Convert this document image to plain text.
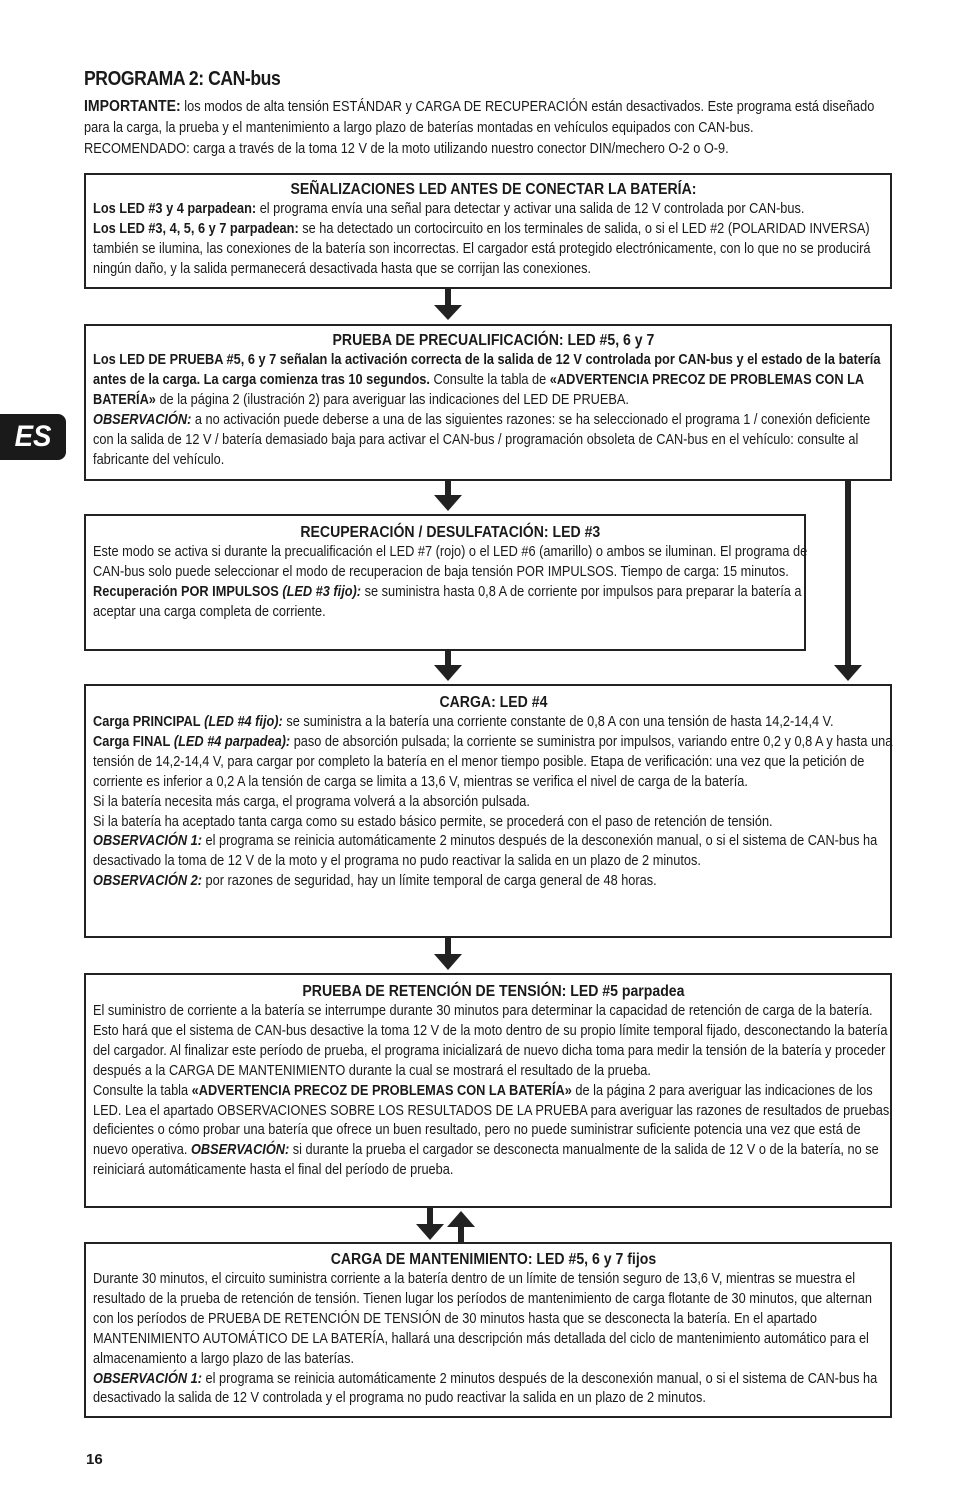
PROGRAMA 2: CAN-bus

IMPORTANTE: los modos de alta tensión ESTÁNDAR y CARGA DE RECUPERACIÓN están desactivados. Este programa está diseñado para la carga, la prueba y el mantenimiento a largo plazo de baterías montadas en vehículos equipados con CAN-bus.

RECOMENDADO: carga a través de la toma 12 V de la moto utilizando nuestro conector DIN/mechero O-2 o O-9.

SEÑALIZACIONES LED ANTES DE CONECTAR LA BATERÍA:

Los LED #3 y 4 parpadean: el programa envía una señal para detectar y activar una salida de 12 V controlada por CAN-bus.

Los LED #3, 4, 5, 6 y 7 parpadean: se ha detectado un cortocircuito en los terminales de salida, o si el LED #2 (POLARIDAD INVERSA) también se ilumina, las conexiones de la batería son incorrectas. El cargador está protegido electrónicamente, con lo que no se producirá ningún daño, y la salida permanecerá desactivada hasta que se corrijan las conexiones.

PRUEBA DE PRECUALIFICACIÓN: LED #5, 6 y 7

Los LED DE PRUEBA #5, 6 y 7 señalan la activación correcta de la salida de 12 V controlada por CAN-bus y el estado de la batería antes de la carga. La carga comienza tras 10 segundos. Consulte la tabla de «ADVERTENCIA PRECOZ DE PROBLEMAS CON LA BATERÍA» de la página 2 (ilustración 2) para averiguar las indicaciones del LED DE PRUEBA.

OBSERVACIÓN: a no activación puede deberse a una de las siguientes razones: se ha seleccionado el programa 1 / conexión deficiente con la salida de 12 V / batería demasiado baja para activar el CAN-bus / programación obsoleta de CAN-bus en el vehículo: consulte al fabricante del vehículo.

RECUPERACIÓN / DESULFATACIÓN: LED #3

Este modo se activa si durante la precualificación el LED #7 (rojo) o el LED #6 (amarillo) o ambos se iluminan. El programa de CAN-bus solo puede seleccionar el modo de recuperacion de baja tensión POR IMPULSOS. Tiempo de carga: 15 minutos.

Recuperación POR IMPULSOS (LED #3 fijo): se suministra hasta 0,8 A de corriente por impulsos para preparar la batería a aceptar una carga completa de corriente.

CARGA: LED #4

Carga PRINCIPAL (LED #4 fijo): se suministra a la batería una corriente constante de 0,8 A con una tensión de hasta 14,2-14,4 V.

Carga FINAL (LED #4 parpadea): paso de absorción pulsada; la corriente se suministra por impulsos, variando entre 0,2 y 0,8 A y hasta una tensión de 14,2-14,4 V, para cargar por completo la batería en el menor tiempo posible. Etapa de verificación: una vez que la petición de corriente es inferior a 0,2 A la tensión de carga se limita a 13,6 V, mientras se verifica el nivel de carga de la batería.

Si la batería necesita más carga, el programa volverá a la absorción pulsada.

Si la batería ha aceptado tanta carga como su estado básico permite, se procederá con el paso de retención de tensión.

OBSERVACIÓN 1: el programa se reinicia automáticamente 2 minutos después de la desconexión manual, o si el sistema de CAN-bus ha desactivado la toma de 12 V de la moto y el programa no pudo reactivar la salida en un plazo de 2 minutos.

OBSERVACIÓN 2: por razones de seguridad, hay un límite temporal de carga general de 48 horas.

PRUEBA DE RETENCIÓN DE TENSIÓN: LED #5 parpadea

El suministro de corriente a la batería se interrumpe durante 30 minutos para determinar la capacidad de retención de carga de la batería. Esto hará que el sistema de CAN-bus desactive la toma 12 V de la moto dentro de su propio límite temporal fijado, desconectando la batería del cargador. Al finalizar este período de prueba, el programa inicializará de nuevo dicha toma para medir la tensión de la batería y proceder después a la CARGA DE MANTENIMIENTO durante la cual se mostrará el resultado de la prueba.

Consulte la tabla «ADVERTENCIA PRECOZ DE PROBLEMAS CON LA BATERÍA» de la página 2 para averiguar las indicaciones de los LED. Lea el apartado OBSERVACIONES SOBRE LOS RESULTADOS DE LA PRUEBA para averiguar las razones de resultados de pruebas deficientes o cómo probar una batería que ofrece un buen resultado, pero no puede suministrar suficiente potencia una vez que está de nuevo operativa. OBSERVACIÓN: si durante la prueba el cargador se desconecta manualmente de la salida de 12 V o de la batería, no se reiniciará automáticamente hasta el final del período de prueba.

CARGA DE MANTENIMIENTO: LED #5, 6 y 7 fijos

Durante 30 minutos, el circuito suministra corriente a la batería dentro de un límite de tensión seguro de 13,6 V, mientras se muestra el resultado de la prueba de retención de tensión. Tienen lugar los períodos de mantenimiento de carga flotante de 30 minutos, que alternan con los períodos de PRUEBA DE RETENCIÓN DE TENSIÓN de 30 minutos hasta que se desconecta la batería. En el apartado MANTENIMIENTO AUTOMÁTICO DE LA BATERÍA, hallará una descripción más detallada del ciclo de mantenimiento automático para el almacenamiento a largo plazo de las baterías.

OBSERVACIÓN 1: el programa se reinicia automáticamente 2 minutos después de la desconexión manual, o si el sistema de CAN-bus ha desactivado la salida de 12 V controlada y el programa no pudo reactivar la salida en un plazo de 2 minutos.

ES
16
